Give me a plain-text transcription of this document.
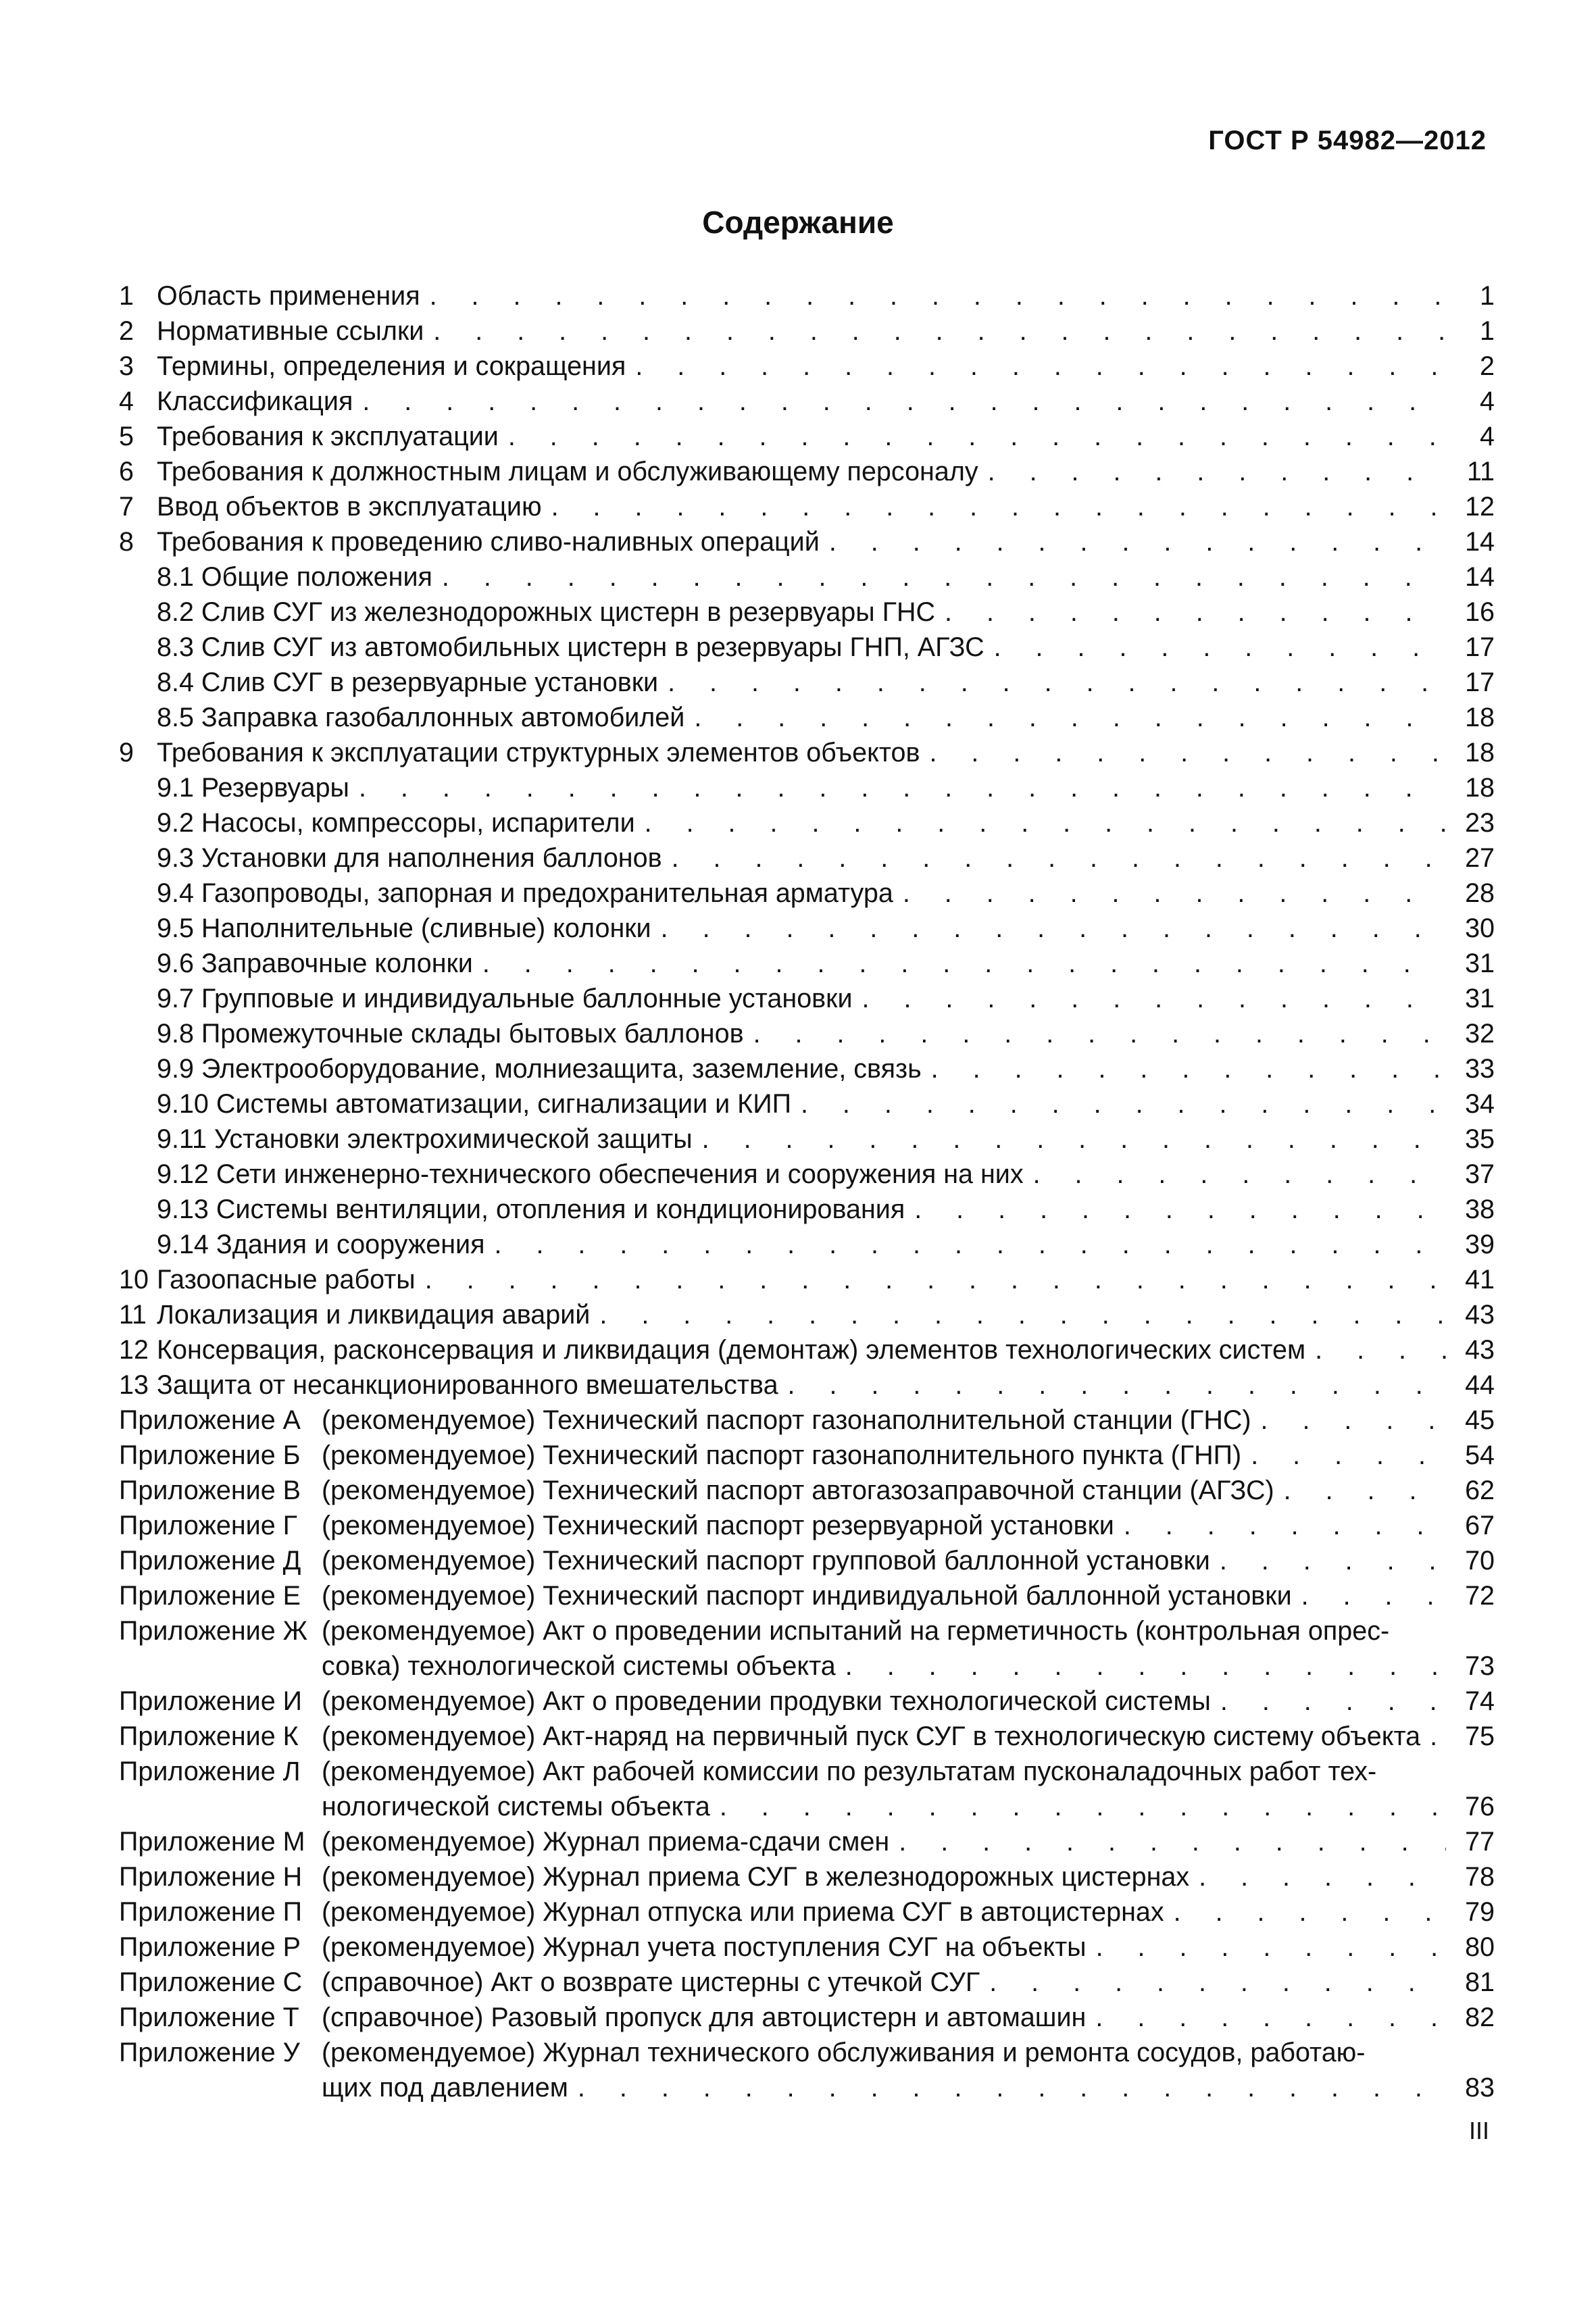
ГОСТ Р 54982—2012
Содержание
1 Область применения . . .	1
2 Нормативные ссылки . . .	1
3 Термины, определения и сокращения . . .	2
4 Классификация . . .	4
5 Требования к эксплуатации . . .	4
6 Требования к должностным лицам и обслуживающему персоналу . . .	11
7 Ввод объектов в эксплуатацию . . .	12
8 Требования к проведению сливо-наливных операций . . .	14
8.1 Общие положения . . .	14
8.2 Слив СУГ из железнодорожных цистерн в резервуары ГНС . . .	16
8.3 Слив СУГ из автомобильных цистерн в резервуары ГНП, АГЗС . . .	17
8.4 Слив СУГ в резервуарные установки . . .	17
8.5 Заправка газобаллонных автомобилей . . .	18
9 Требования к эксплуатации структурных элементов объектов . . .	18
9.1 Резервуары . . .	18
9.2 Насосы, компрессоры, испарители . . .	23
9.3 Установки для наполнения баллонов . . .	27
9.4 Газопроводы, запорная и предохранительная арматура . . .	28
9.5 Наполнительные (сливные) колонки . . .	30
9.6 Заправочные колонки . . .	31
9.7 Групповые и индивидуальные баллонные установки . . .	31
9.8 Промежуточные склады бытовых баллонов . . .	32
9.9 Электрооборудование, молниезащита, заземление, связь . . .	33
9.10 Системы автоматизации, сигнализации и КИП . . .	34
9.11 Установки электрохимической защиты . . .	35
9.12 Сети инженерно-технического обеспечения и сооружения на них . . .	37
9.13 Системы вентиляции, отопления и кондиционирования . . .	38
9.14 Здания и сооружения . . .	39
10 Газоопасные работы . . .	41
11 Локализация и ликвидация аварий . . .	43
12 Консервация, расконсервация и ликвидация (демонтаж) элементов технологических систем . . .	43
13 Защита от несанкционированного вмешательства . . .	44
Приложение А (рекомендуемое) Технический паспорт газонаполнительной станции (ГНС) . . .	45
Приложение Б (рекомендуемое) Технический паспорт газонаполнительного пункта (ГНП) . . .	54
Приложение В (рекомендуемое) Технический паспорт автогазозаправочной станции (АГЗС) . . .	62
Приложение Г (рекомендуемое) Технический паспорт резервуарной установки . . .	67
Приложение Д (рекомендуемое) Технический паспорт групповой баллонной установки . . .	70
Приложение Е (рекомендуемое) Технический паспорт индивидуальной баллонной установки . . .	72
Приложение Ж (рекомендуемое) Акт о проведении испытаний на герметичность (контрольная опрес-
совка) технологической системы объекта . . .	73
Приложение И (рекомендуемое) Акт о проведении продувки технологической системы . . .	74
Приложение К (рекомендуемое) Акт-наряд на первичный пуск СУГ в технологическую систему объекта . . . 75
Приложение Л (рекомендуемое) Акт рабочей комиссии по результатам пусконаладочных работ тех-
нологической системы объекта . . .	76
Приложение М (рекомендуемое) Журнал приема-сдачи смен . . .	77
Приложение Н (рекомендуемое) Журнал приема СУГ в железнодорожных цистернах . . .	78
Приложение П (рекомендуемое) Журнал отпуска или приема СУГ в автоцистернах . . .	79
Приложение Р (рекомендуемое) Журнал учета поступления СУГ на объекты . . .	80
Приложение С (справочное) Акт о возврате цистерны с утечкой СУГ . . .	81
Приложение Т (справочное) Разовый пропуск для автоцистерн и автомашин . . .	82
Приложение У (рекомендуемое) Журнал технического обслуживания и ремонта сосудов, работаю-
щих под давлением . . .	83
III
